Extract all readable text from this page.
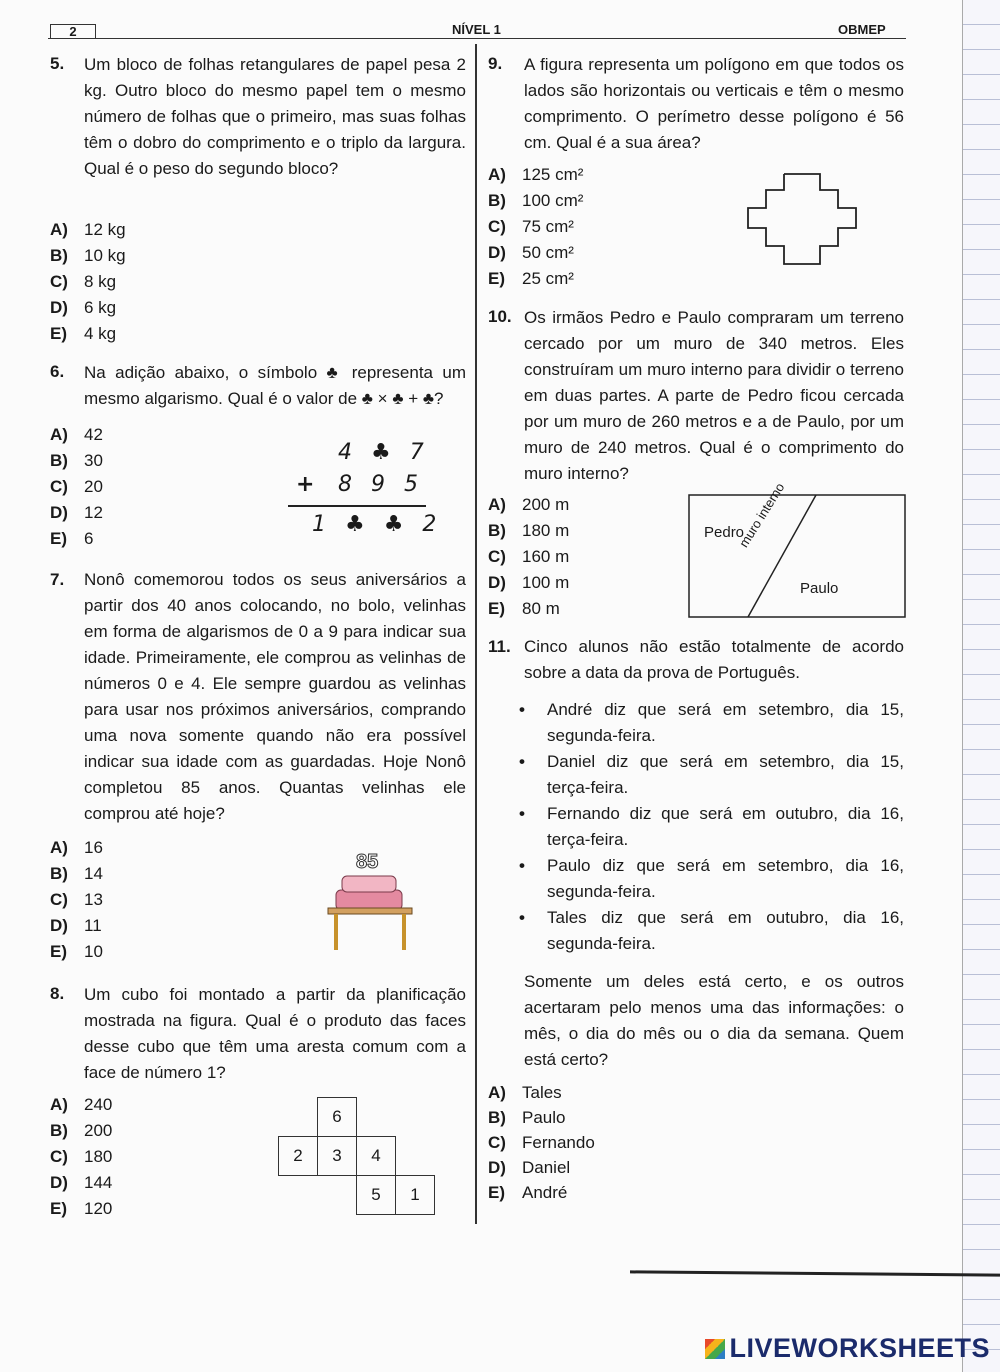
2	NÍVEL 1	OBMEP
5. Um bloco de folhas retangulares de papel pesa 2 kg. Outro bloco do mesmo papel tem o mesmo número de folhas que o primeiro, mas suas folhas têm o dobro do comprimento e o triplo da largura. Qual é o peso do segundo bloco?
A) 12 kg
B) 10 kg
C) 8 kg
D) 6 kg
E) 4 kg
6. Na adição abaixo, o símbolo ♣ representa um mesmo algarismo. Qual é o valor de ♣ × ♣ + ♣?
A) 42
B) 30
C) 20
D) 12
E) 6
4 ♣ 7
+ 8 9 5
1 ♣ ♣ 2
7. Nonô comemorou todos os seus aniversários a partir dos 40 anos colocando, no bolo, velinhas em forma de algarismos de 0 a 9 para indicar sua idade. Primeiramente, ele comprou as velinhas de números 0 e 4. Ele sempre guardou as velinhas para usar nos próximos aniversários, comprando uma nova somente quando não era possível indicar sua idade com as guardadas. Hoje Nonô completou 85 anos. Quantas velinhas ele comprou até hoje?
A) 16
B) 14
C) 13
D) 11
E) 10
85
8. Um cubo foi montado a partir da planificação mostrada na figura. Qual é o produto das faces desse cubo que têm uma aresta comum com a face de número 1?
A) 240
B) 200
C) 180
D) 144
E) 120
	6		
2	3	4	
		5	1
9. A figura representa um polígono em que todos os lados são horizontais ou verticais e têm o mesmo comprimento. O perímetro desse polígono é 56 cm. Qual é a sua área?
A) 125 cm²
B) 100 cm²
C) 75 cm²
D) 50 cm²
E) 25 cm²
10. Os irmãos Pedro e Paulo compraram um terreno cercado por um muro de 340 metros. Eles construíram um muro interno para dividir o terreno em duas partes. A parte de Pedro ficou cercada por um muro de 260 metros e a de Paulo, por um muro de 240 metros. Qual é o comprimento do muro interno?
A) 200 m
B) 180 m
C) 160 m
D) 100 m
E) 80 m
Pedro
Paulo
muro interno
11. Cinco alunos não estão totalmente de acordo sobre a data da prova de Português.
• André diz que será em setembro, dia 15, segunda-feira.
• Daniel diz que será em setembro, dia 15, terça-feira.
• Fernando diz que será em outubro, dia 16, terça-feira.
• Paulo diz que será em setembro, dia 16, segunda-feira.
• Tales diz que será em outubro, dia 16, segunda-feira.
Somente um deles está certo, e os outros acertaram pelo menos uma das informações: o mês, o dia do mês ou o dia da semana. Quem está certo?
A) Tales
B) Paulo
C) Fernando
D) Daniel
E) André
LIVEWORKSHEETS
